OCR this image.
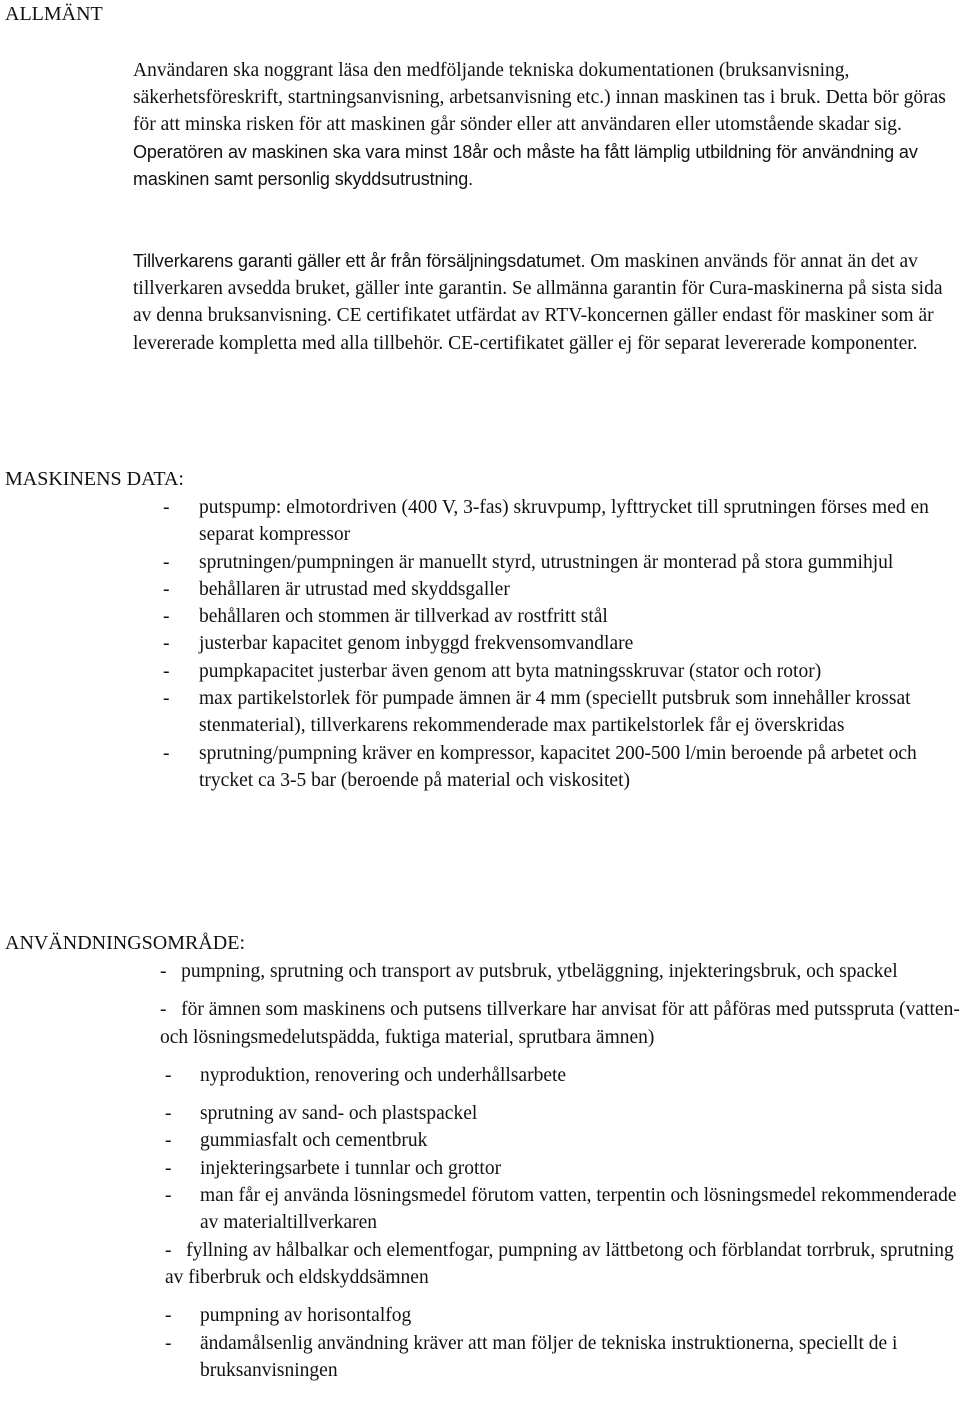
ALLMÄNT

Användaren ska noggrant läsa den medföljande tekniska dokumentationen (bruksanvisning, säkerhetsföreskrift, startningsanvisning, arbetsanvisning etc.) innan maskinen tas i bruk. Detta bör göras för att minska risken för att maskinen går sönder eller att användaren eller utomstående skadar sig. Operatören av maskinen ska vara minst 18år och måste ha fått lämplig utbildning för användning av maskinen samt personlig skyddsutrustning.

Tillverkarens garanti gäller ett år från försäljningsdatumet. Om maskinen används för annat än det av tillverkaren avsedda bruket, gäller inte garantin. Se allmänna garantin för Cura-maskinerna på sista sida av denna bruksanvisning. CE certifikatet utfärdat av RTV-koncernen gäller endast för maskiner som är levererade kompletta med alla tillbehör. CE-certifikatet gäller ej för separat levererade komponenter.

MASKINENS DATA:
- putspump: elmotordriven (400 V, 3-fas) skruvpump, lyfttrycket till sprutningen förses med en separat kompressor
- sprutningen/pumpningen är manuellt styrd, utrustningen är monterad på stora gummihjul
- behållaren är utrustad med skyddsgaller
- behållaren och stommen är tillverkad av rostfritt stål
- justerbar kapacitet genom inbyggd frekvensomvandlare
- pumpkapacitet justerbar även genom att byta matningsskruvar (stator och rotor)
- max partikelstorlek för pumpade ämnen är 4 mm (speciellt putsbruk som innehåller krossat stenmaterial), tillverkarens rekommenderade max partikelstorlek får ej överskridas
- sprutning/pumpning kräver en kompressor, kapacitet 200-500 l/min beroende på arbetet och trycket ca 3-5 bar (beroende på material och viskositet)
ANVÄNDNINGSOMRÅDE:
- pumpning, sprutning och transport av putsbruk, ytbeläggning, injekteringsbruk, och spackel
- för ämnen som maskinens och putsens tillverkare har anvisat för att påföras med putsspruta (vatten- och lösningsmedelutspädda, fuktiga material, sprutbara ämnen)
- nyproduktion, renovering och underhållsarbete
- sprutning av sand- och plastspackel
- gummiasfalt och cementbruk
- injekteringsarbete i tunnlar och grottor
- man får ej använda lösningsmedel förutom vatten, terpentin och lösningsmedel rekommenderade av materialtillverkaren
- fyllning av hålbalkar och elementfogar, pumpning av lättbetong och förblandat torrbruk, sprutning av fiberbruk och eldskyddsämnen
- pumpning av horisontalfog
- ändamålsenlig användning kräver att man följer de tekniska instruktionerna, speciellt de i bruksanvisningen
